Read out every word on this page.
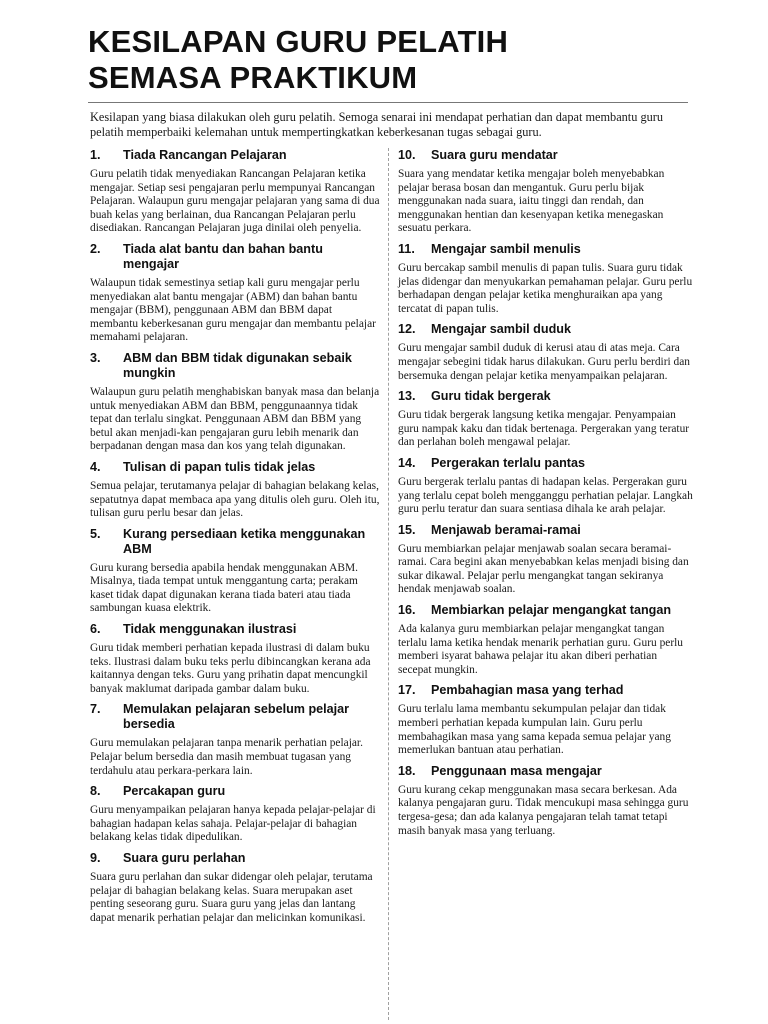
KESILAPAN GURU PELATIH
SEMASA PRAKTIKUM
Kesilapan yang biasa dilakukan oleh guru pelatih. Semoga senarai ini mendapat perhatian dan dapat membantu guru pelatih memperbaiki kelemahan untuk mempertingkatkan keberkesanan tugas sebagai guru.
1.	Tiada Rancangan Pelajaran
Guru pelatih tidak menyediakan Rancangan Pelajaran ketika mengajar. Setiap sesi pengajaran perlu mempunyai Rancangan Pelajaran. Walaupun guru mengajar pelajaran yang sama di dua buah kelas yang berlainan, dua Rancangan Pelajaran perlu disediakan. Rancangan Pelajaran juga dinilai oleh penyelia.
2.	Tiada alat bantu dan bahan bantu mengajar
Walaupun tidak semestinya setiap kali guru mengajar perlu menyediakan alat bantu mengajar (ABM) dan bahan bantu mengajar (BBM), penggunaan ABM dan BBM dapat membantu keberkesanan guru mengajar dan membantu pelajar memahami pelajaran.
3.	ABM dan BBM tidak digunakan sebaik mungkin
Walaupun guru pelatih menghabiskan banyak masa dan belanja untuk menyediakan ABM dan BBM, penggunaannya tidak tepat dan terlalu singkat. Penggunaan ABM dan BBM yang betul akan menjadi-kan pengajaran guru lebih menarik dan berpadanan dengan masa dan kos yang telah digunakan.
4.	Tulisan di papan tulis tidak jelas
Semua pelajar, terutamanya pelajar di bahagian belakang kelas, sepatutnya dapat membaca apa yang ditulis oleh guru. Oleh itu, tulisan guru perlu besar dan jelas.
5.	Kurang persediaan ketika menggunakan ABM
Guru kurang bersedia apabila hendak menggunakan ABM. Misalnya, tiada tempat untuk menggantung carta; perakam kaset tidak dapat digunakan kerana tiada bateri atau tiada sambungan kuasa elektrik.
6.	Tidak menggunakan ilustrasi
Guru tidak memberi perhatian kepada ilustrasi di dalam buku teks. Ilustrasi dalam buku teks perlu dibincangkan kerana ada kaitannya dengan teks. Guru yang prihatin dapat mencungkil banyak maklumat daripada gambar dalam buku.
7.	Memulakan pelajaran sebelum pelajar bersedia
Guru memulakan pelajaran tanpa menarik perhatian pelajar. Pelajar belum bersedia dan masih membuat tugasan yang terdahulu atau perkara-perkara lain.
8.	Percakapan guru
Guru menyampaikan pelajaran hanya kepada pelajar-pelajar di bahagian hadapan kelas sahaja. Pelajar-pelajar di bahagian belakang kelas tidak dipedulikan.
9.	Suara guru perlahan
Suara guru perlahan dan sukar didengar oleh pelajar, terutama pelajar di bahagian belakang kelas. Suara merupakan aset penting seseorang guru. Suara guru yang jelas dan lantang dapat menarik perhatian pelajar dan melicinkan komunikasi.
10.	Suara guru mendatar
Suara yang mendatar ketika mengajar boleh menyebabkan pelajar berasa bosan dan mengantuk. Guru perlu bijak menggunakan nada suara, iaitu tinggi dan rendah, dan menggunakan hentian dan kesenyapan ketika menegaskan sesuatu perkara.
11.	Mengajar sambil menulis
Guru bercakap sambil menulis di papan tulis. Suara guru tidak jelas didengar dan menyukarkan pemahaman pelajar. Guru perlu berhadapan dengan pelajar ketika menghuraikan apa yang tercatat di papan tulis.
12.	Mengajar sambil duduk
Guru mengajar sambil duduk di kerusi atau di atas meja. Cara mengajar sebegini tidak harus dilakukan. Guru perlu berdiri dan bersemuka dengan pelajar ketika menyampaikan pelajaran.
13.	Guru tidak bergerak
Guru tidak bergerak langsung ketika mengajar. Penyampaian guru nampak kaku dan tidak bertenaga. Pergerakan yang teratur dan perlahan boleh mengawal pelajar.
14.	Pergerakan terlalu pantas
Guru bergerak terlalu pantas di hadapan kelas. Pergerakan guru yang terlalu cepat boleh mengganggu perhatian pelajar. Langkah guru perlu teratur dan suara sentiasa dihala ke arah pelajar.
15.	Menjawab beramai-ramai
Guru membiarkan pelajar menjawab soalan secara beramai-ramai. Cara begini akan menyebabkan kelas menjadi bising dan sukar dikawal. Pelajar perlu mengangkat tangan sekiranya hendak menjawab soalan.
16.	Membiarkan pelajar mengangkat tangan
Ada kalanya guru membiarkan pelajar mengangkat tangan terlalu lama ketika hendak menarik perhatian guru. Guru perlu memberi isyarat bahawa pelajar itu akan diberi perhatian secepat mungkin.
17.	Pembahagian masa yang terhad
Guru terlalu lama membantu sekumpulan pelajar dan tidak memberi perhatian kepada kumpulan lain. Guru perlu membahagikan masa yang sama kepada semua pelajar yang memerlukan bantuan atau perhatian.
18.	Penggunaan masa mengajar
Guru kurang cekap menggunakan masa secara berkesan. Ada kalanya pengajaran guru. Tidak mencukupi masa sehingga guru tergesa-gesa; dan ada kalanya pengajaran telah tamat tetapi masih banyak masa yang terluang.
